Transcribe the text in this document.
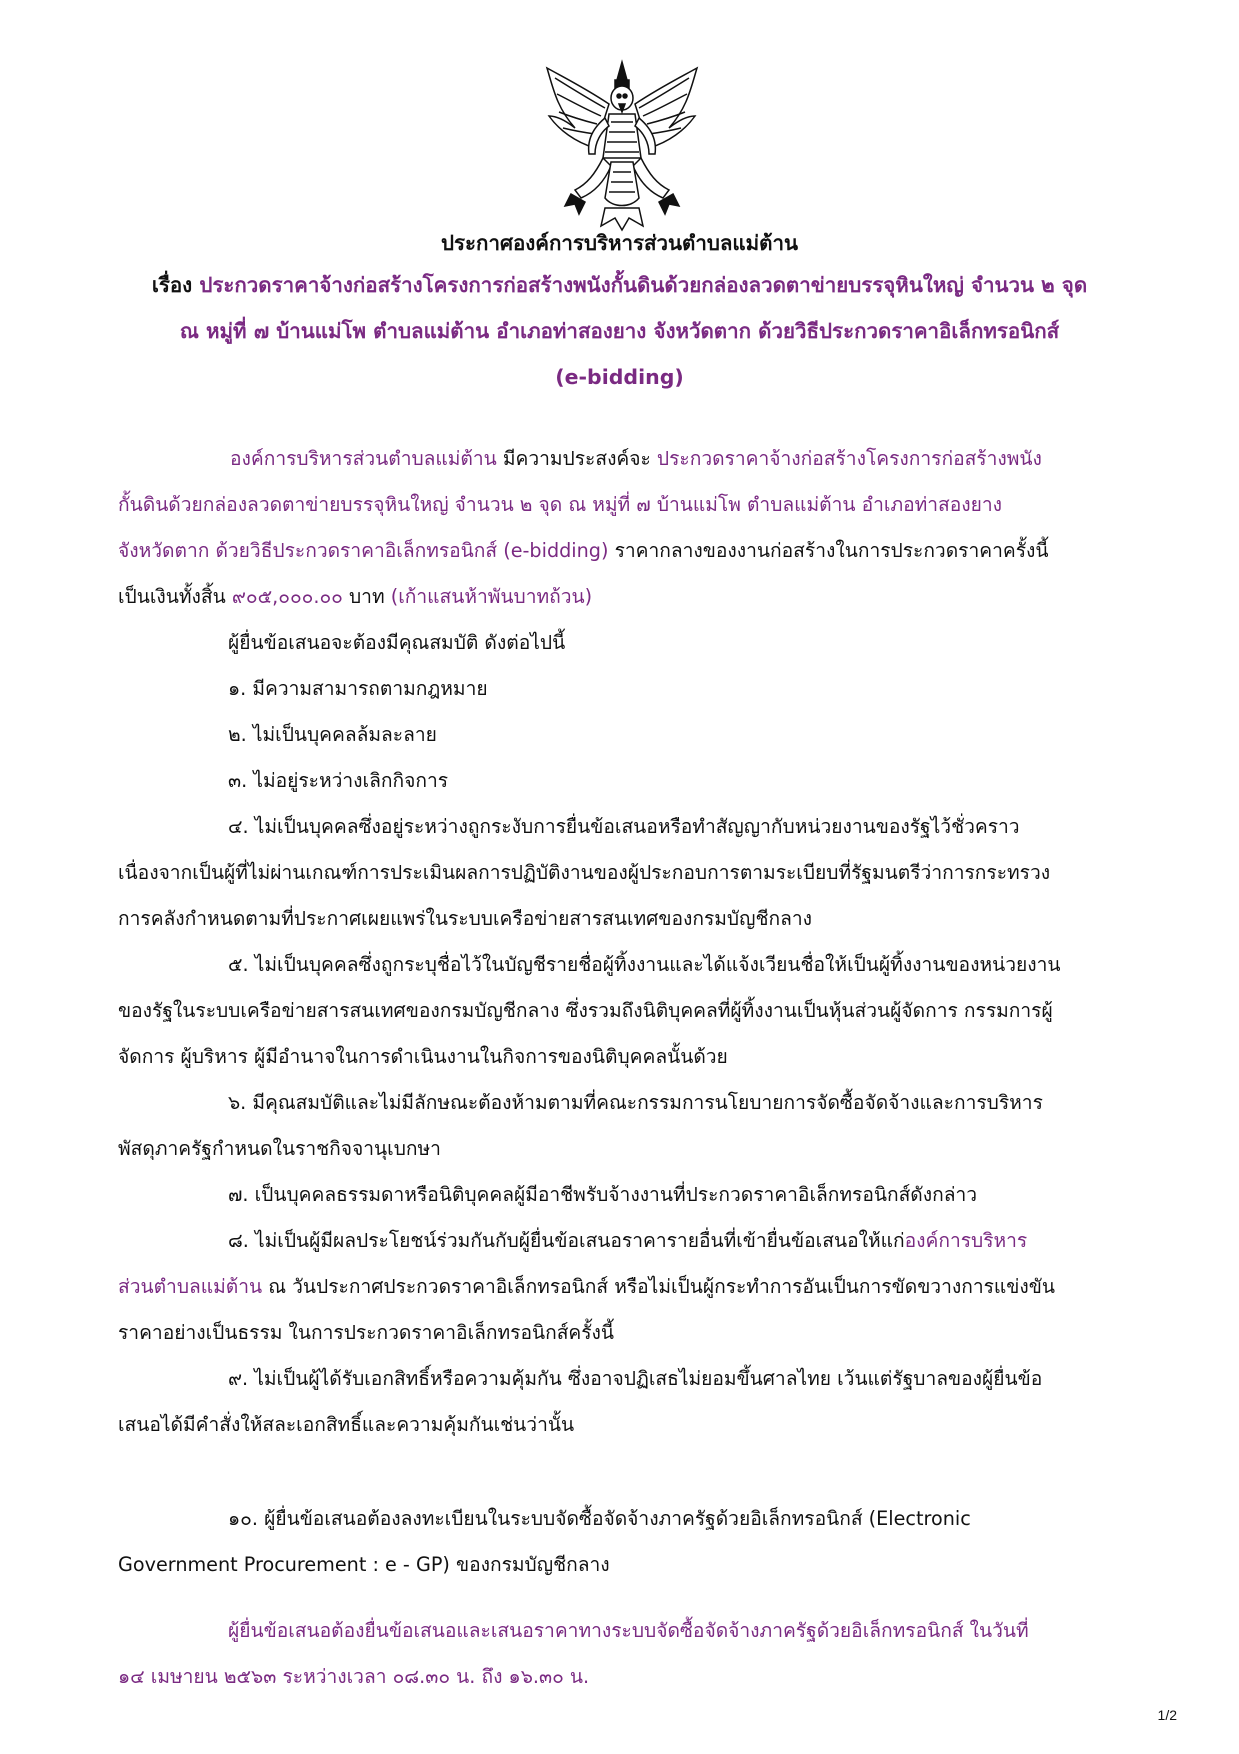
ประกาศองค์การบริหารส่วนตำบลแม่ต้าน
เรื่อง ประกวดราคาจ้างก่อสร้างโครงการก่อสร้างพนังกั้นดินด้วยกล่องลวดตาข่ายบรรจุหินใหญ่ จำนวน ๒ จุด
ณ หมู่ที่ ๗ บ้านแม่โพ ตำบลแม่ต้าน อำเภอท่าสองยาง จังหวัดตาก ด้วยวิธีประกวดราคาอิเล็กทรอนิกส์
(e-bidding)
องค์การบริหารส่วนตำบลแม่ต้าน มีความประสงค์จะ ประกวดราคาจ้างก่อสร้างโครงการก่อสร้างพนัง
กั้นดินด้วยกล่องลวดตาข่ายบรรจุหินใหญ่ จำนวน ๒ จุด ณ หมู่ที่ ๗ บ้านแม่โพ ตำบลแม่ต้าน อำเภอท่าสองยาง
จังหวัดตาก ด้วยวิธีประกวดราคาอิเล็กทรอนิกส์ (e-bidding) ราคากลางของงานก่อสร้างในการประกวดราคาครั้งนี้
เป็นเงินทั้งสิ้น ๙๐๕,๐๐๐.๐๐ บาท (เก้าแสนห้าพันบาทถ้วน)
ผู้ยื่นข้อเสนอจะต้องมีคุณสมบัติ ดังต่อไปนี้
๑. มีความสามารถตามกฎหมาย
๒. ไม่เป็นบุคคลล้มละลาย
๓. ไม่อยู่ระหว่างเลิกกิจการ
๔. ไม่เป็นบุคคลซึ่งอยู่ระหว่างถูกระงับการยื่นข้อเสนอหรือทำสัญญากับหน่วยงานของรัฐไว้ชั่วคราว
เนื่องจากเป็นผู้ที่ไม่ผ่านเกณฑ์การประเมินผลการปฏิบัติงานของผู้ประกอบการตามระเบียบที่รัฐมนตรีว่าการกระทรวง
การคลังกำหนดตามที่ประกาศเผยแพร่ในระบบเครือข่ายสารสนเทศของกรมบัญชีกลาง
๕. ไม่เป็นบุคคลซึ่งถูกระบุชื่อไว้ในบัญชีรายชื่อผู้ทิ้งงานและได้แจ้งเวียนชื่อให้เป็นผู้ทิ้งงานของหน่วยงาน
ของรัฐในระบบเครือข่ายสารสนเทศของกรมบัญชีกลาง ซึ่งรวมถึงนิติบุคคลที่ผู้ทิ้งงานเป็นหุ้นส่วนผู้จัดการ กรรมการผู้
จัดการ ผู้บริหาร ผู้มีอำนาจในการดำเนินงานในกิจการของนิติบุคคลนั้นด้วย
๖. มีคุณสมบัติและไม่มีลักษณะต้องห้ามตามที่คณะกรรมการนโยบายการจัดซื้อจัดจ้างและการบริหาร
พัสดุภาครัฐกำหนดในราชกิจจานุเบกษา
๗. เป็นบุคคลธรรมดาหรือนิติบุคคลผู้มีอาชีพรับจ้างงานที่ประกวดราคาอิเล็กทรอนิกส์ดังกล่าว
๘. ไม่เป็นผู้มีผลประโยชน์ร่วมกันกับผู้ยื่นข้อเสนอราคารายอื่นที่เข้ายื่นข้อเสนอให้แก่องค์การบริหาร
ส่วนตำบลแม่ต้าน ณ วันประกาศประกวดราคาอิเล็กทรอนิกส์ หรือไม่เป็นผู้กระทำการอันเป็นการขัดขวางการแข่งขัน
ราคาอย่างเป็นธรรม ในการประกวดราคาอิเล็กทรอนิกส์ครั้งนี้
๙. ไม่เป็นผู้ได้รับเอกสิทธิ์หรือความคุ้มกัน ซึ่งอาจปฏิเสธไม่ยอมขึ้นศาลไทย เว้นแต่รัฐบาลของผู้ยื่นข้อ
เสนอได้มีคำสั่งให้สละเอกสิทธิ์และความคุ้มกันเช่นว่านั้น
๑๐. ผู้ยื่นข้อเสนอต้องลงทะเบียนในระบบจัดซื้อจัดจ้างภาครัฐด้วยอิเล็กทรอนิกส์ (Electronic
Government Procurement : e - GP) ของกรมบัญชีกลาง
ผู้ยื่นข้อเสนอต้องยื่นข้อเสนอและเสนอราคาทางระบบจัดซื้อจัดจ้างภาครัฐด้วยอิเล็กทรอนิกส์ ในวันที่
๑๔ เมษายน ๒๕๖๓ ระหว่างเวลา ๐๘.๓๐ น. ถึง ๑๖.๓๐ น.
1/2
